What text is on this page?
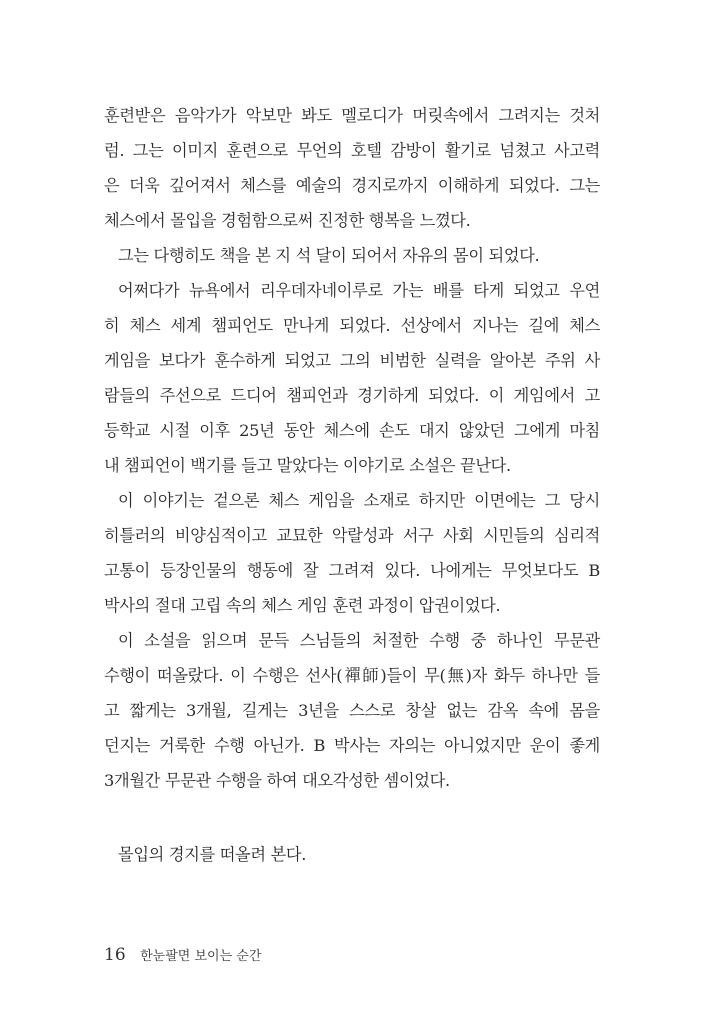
훈련받은 음악가가 악보만 봐도 멜로디가 머릿속에서 그려지는 것처
럼. 그는 이미지 훈련으로 무언의 호텔 감방이 활기로 넘쳤고 사고력
은 더욱 깊어져서 체스를 예술의 경지로까지 이해하게 되었다. 그는
체스에서 몰입을 경험함으로써 진정한 행복을 느꼈다.
그는 다행히도 책을 본 지 석 달이 되어서 자유의 몸이 되었다.
어쩌다가 뉴욕에서 리우데자네이루로 가는 배를 타게 되었고 우연
히 체스 세계 챔피언도 만나게 되었다. 선상에서 지나는 길에 체스
게임을 보다가 훈수하게 되었고 그의 비범한 실력을 알아본 주위 사
람들의 주선으로 드디어 챔피언과 경기하게 되었다. 이 게임에서 고
등학교 시절 이후 25년 동안 체스에 손도 대지 않았던 그에게 마침
내 챔피언이 백기를 들고 말았다는 이야기로 소설은 끝난다.
이 이야기는 겉으론 체스 게임을 소재로 하지만 이면에는 그 당시
히틀러의 비양심적이고 교묘한 악랄성과 서구 사회 시민들의 심리적
고통이 등장인물의 행동에 잘 그려져 있다. 나에게는 무엇보다도 B
박사의 절대 고립 속의 체스 게임 훈련 과정이 압권이었다.
이 소설을 읽으며 문득 스님들의 처절한 수행 중 하나인 무문관
수행이 떠올랐다. 이 수행은 선사(禪師)들이 무(無)자 화두 하나만 들
고 짧게는 3개월, 길게는 3년을 스스로 창살 없는 감옥 속에 몸을
던지는 거룩한 수행 아닌가. B 박사는 자의는 아니었지만 운이 좋게
3개월간 무문관 수행을 하여 대오각성한 셈이었다.
몰입의 경지를 떠올려 본다.
16 한눈팔면 보이는 순간
